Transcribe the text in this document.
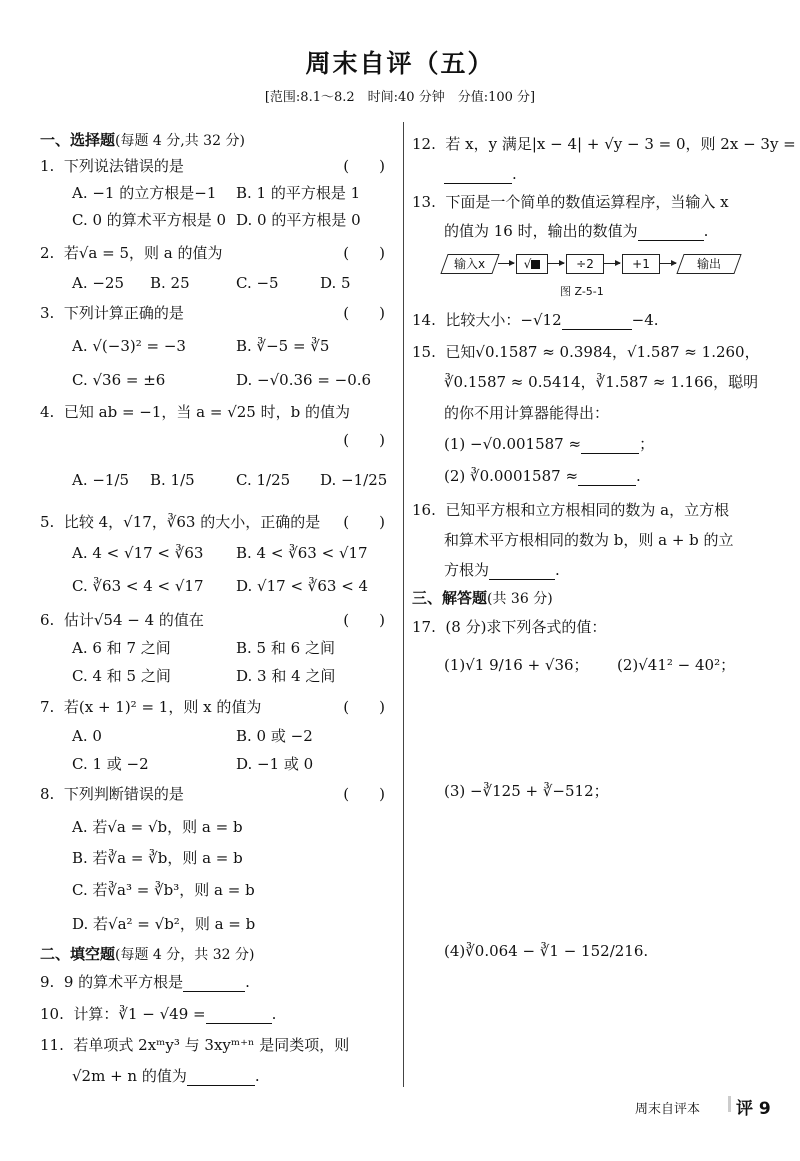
周末自评（五）
[范围:8.1～8.2　时间:40 分钟　分值:100 分]
一、选择题(每题 4 分,共 32 分)
1. 下列说法错误的是	(　　)
A. −1 的立方根是−1 B. 1 的平方根是 1
C. 0 的算术平方根是 0 D. 0 的平方根是 0
2. 若√a = 5，则 a 的值为	(　　)
A. −25 B. 25	C. −5	D. 5
3. 下列计算正确的是	(　　)
A. √(−3)² = −3	B. ∛−5 = ∛5
C. √36 = ±6	D. −√0.36 = −0.6
4. 已知 ab = −1，当 a = √25 时，b 的值为
(　　)
A. −1/5 B. 1/5	C. 1/25 D. −1/25
5. 比较 4，√17，∛63 的大小，正确的是 (　　)
A. 4 < √17 < ∛63 B. 4 < ∛63 < √17
C. ∛63 < 4 < √17 D. √17 < ∛63 < 4
6. 估计√54 − 4 的值在	(　　)
A. 6 和 7 之间	B. 5 和 6 之间
C. 4 和 5 之间	D. 3 和 4 之间
7. 若(x + 1)² = 1，则 x 的值为	(　　)
A. 0	B. 0 或 −2
C. 1 或 −2	D. −1 或 0
8. 下列判断错误的是	(　　)
A. 若√a = √b，则 a = b
B. 若∛a = ∛b，则 a = b
C. 若∛a³ = ∛b³，则 a = b
D. 若√a² = √b²，则 a = b
二、填空题(每题 4 分，共 32 分)
9. 9 的算术平方根是	.
10. 计算：∛1 − √49 =	.
11. 若单项式 2xᵐy³ 与 3xyᵐ⁺ⁿ 是同类项，则
√2m + n 的值为	.
12. 若 x，y 满足|x − 4| + √y − 3 = 0，则 2x − 3y =
.
13. 下面是一个简单的数值运算程序，当输入 x
的值为 16 时，输出的数值为	.
14. 比较大小：−√12	−4.
15. 已知√0.1587 ≈ 0.3984，√1.587 ≈ 1.260，
∛0.1587 ≈ 0.5414，∛1.587 ≈ 1.166，聪明
的你不用计算器能得出：
(1) −√0.001587 ≈	；
(2) ∛0.0001587 ≈	.
16. 已知平方根和立方根相同的数为 a，立方根
和算术平方根相同的数为 b，则 a + b 的立
方根为	.
三、解答题(共 36 分)
17. (8 分)求下列各式的值：
(1)√1 9/16 + √36； (2)√41² − 40²；
(3) −∛125 + ∛−512；
(4)∛0.064 − ∛1 − 152/216.
输入x	√	÷2	+1	输出
图 Z-5-1
周末自评本 评 9
